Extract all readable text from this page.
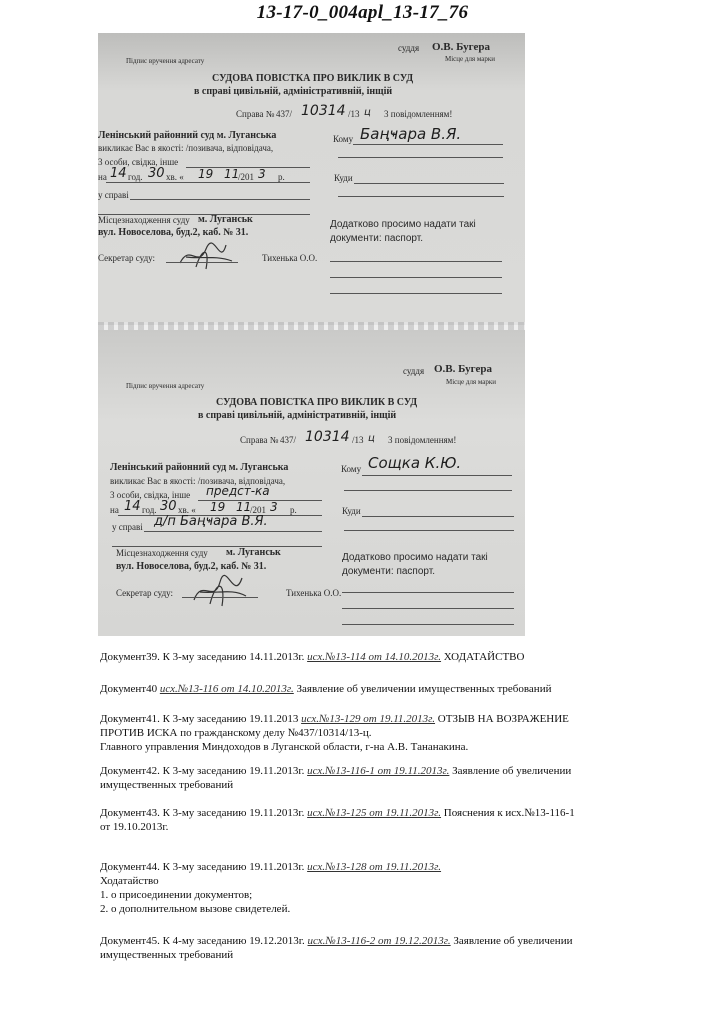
13-17-0_004apl_13-17_76
Підпис вручення адресату
суддя О.В. Бугера
Місце для марки
СУДОВА ПОВІСТКА ПРО ВИКЛИК В СУД
в справі цивільній, адміністративній, інщій
Справа № 437/ 10314 /13 ц 3 повідомленням!
Ленінський районний суд м. Луганська
викликає Вас в якості: /позивача, відповідача,
3 особи, свідка, інше
на 14 год. 30 хв. « 19 11
/201 3 р.
у справі
Кому Баңҹара В.Я.
Куди
Місцезнаходження суду м. Луганськ
вул. Новоселова, буд.2, каб. № 31.
Секретар суду:	Тихенька О.О.
Додатково просимо надати такі
документи: паспорт.
Підпис вручення адресату
суддя О.В. Бугера
Місце для марки
СУДОВА ПОВІСТКА ПРО ВИКЛИК В СУД
в справі цивільній, адміністративній, інщій
Справа № 437/ 10314 /13 ц 3 повідомленням!
Ленінський районний суд м. Луганська
викликає Вас в якості: /позивача, відповідача,
3 особи, свідка, інше предст-ка
на 14 год. 30 хв. « 19 11
/201 3 р.
у справі д/п Баңҹара В.Я.
Кому Сощка К.Ю.
Куди
Місцезнаходження суду м. Луганськ
вул. Новоселова, буд.2, каб. № 31.
Секретар суду:	Тихенька О.О.
Додатково просимо надати такі
документи: паспорт.

Документ39. К 3-му заседанию 14.11.2013г. исх.№13-114 от 14.10.2013г. ХОДАТАЙСТВО

Документ40 исх.№13-116 от 14.10.2013г. Заявление об увеличении имущественных требований

Документ41. К 3-му заседанию 19.11.2013 исх.№13-129 от 19.11.2013г. ОТЗЫВ НА ВОЗРАЖЕНИЕ

ПРОТИВ ИСКА по гражданскому делу №437/10314/13-ц.

Главного управления Миндоходов в Луганской области, г-на А.В. Тананакина.

Документ42. К 3-му заседанию 19.11.2013г. исх.№13-116-1 от 19.11.2013г. Заявление об увеличении

имущественных требований

Документ43. К 3-му заседанию 19.11.2013г. исх.№13-125 от 19.11.2013г. Пояснения к исх.№13-116-1

от 19.10.2013г.

Документ44. К 3-му заседанию 19.11.2013г. исх.№13-128 от 19.11.2013г.

Ходатайство

1. о присоединении документов;

2. о дополнительном вызове свидетелей.

Документ45. К 4-му заседанию 19.12.2013г. исх.№13-116-2 от 19.12.2013г. Заявление об увеличении

имущественных требований
